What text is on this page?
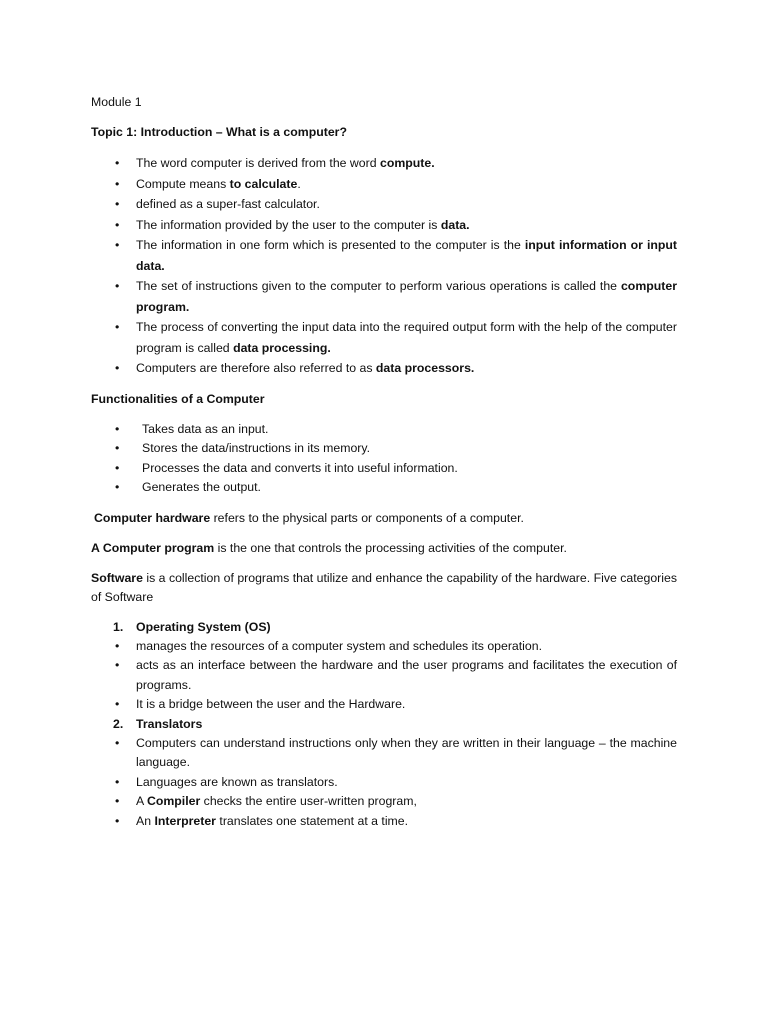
Module 1

Topic 1: Introduction – What is a computer?

• The word computer is derived from the word compute.
• Compute means to calculate.
• defined as a super-fast calculator.
• The information provided by the user to the computer is data.
• The information in one form which is presented to the computer is the input information or input data.
• The set of instructions given to the computer to perform various operations is called the computer program.
• The process of converting the input data into the required output form with the help of the computer program is called data processing.
• Computers are therefore also referred to as data processors.

Functionalities of a Computer

• Takes data as an input.
• Stores the data/instructions in its memory.
• Processes the data and converts it into useful information.
• Generates the output.

Computer hardware refers to the physical parts or components of a computer.

A Computer program is the one that controls the processing activities of the computer.

Software is a collection of programs that utilize and enhance the capability of the hardware. Five categories of Software

1. Operating System (OS)
• manages the resources of a computer system and schedules its operation.
• acts as an interface between the hardware and the user programs and facilitates the execution of programs.
• It is a bridge between the user and the Hardware.
2. Translators
• Computers can understand instructions only when they are written in their language – the machine language.
• Languages are known as translators.
• A Compiler checks the entire user-written program,
• An Interpreter translates one statement at a time.
